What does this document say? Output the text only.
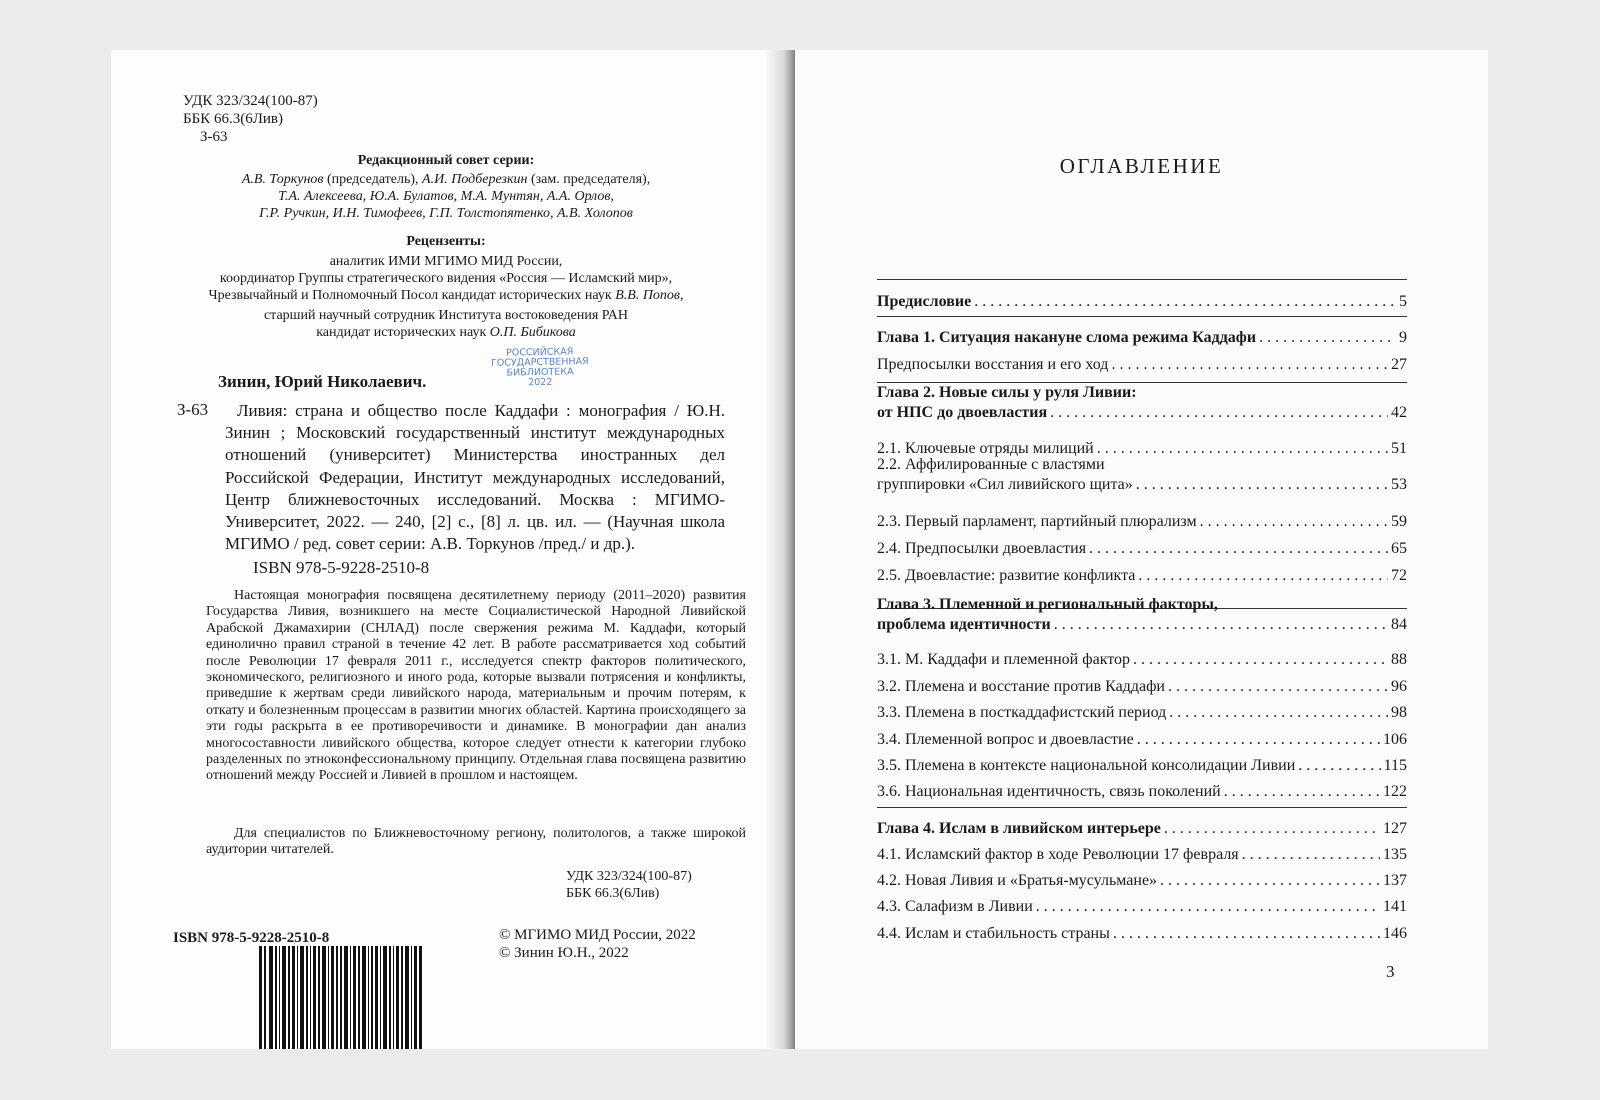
УДК 323/324(100-87)
ББК 66.3(6Лив)
З-63
Редакционный совет серии:
А.В. Торкунов (председатель), А.И. Подберезкин (зам. председателя),
Т.А. Алексеева, Ю.А. Булатов, М.А. Мунтян, А.А. Орлов,
Г.Р. Ручкин, И.Н. Тимофеев, Г.П. Толстопятенко, А.В. Холопов
Рецензенты:
аналитик ИМИ МГИМО МИД России,
координатор Группы стратегического видения «Россия — Исламский мир»,
Чрезвычайный и Полномочный Посол кандидат исторических наук В.В. Попов,
старший научный сотрудник Института востоковедения РАН
кандидат исторических наук О.П. Бибикова
РОССИЙСКАЯ
ГОСУДАРСТВЕННАЯ
БИБЛИОТЕКА
2022
Зинин, Юрий Николаевич.
З-63	Ливия: страна и общество после Каддафи : монография / Ю.Н. Зинин ; Московский государственный институт международных отношений (университет) Министерства иностранных дел Российской Федерации, Институт международных исследований, Центр ближневосточных исследований. Москва : МГИМО-Университет, 2022. — 240, [2] с., [8] л. цв. ил. — (Научная школа МГИМО / ред. совет серии: А.В. Торкунов /пред./ и др.).
ISBN 978-5-9228-2510-8
Настоящая монография посвящена десятилетнему периоду (2011–2020) развития Государства Ливия, возникшего на месте Социалистической Народной Ливийской Арабской Джамахирии (СНЛАД) после свержения режима М. Каддафи, который единолично правил страной в течение 42 лет. В работе рассматривается ход событий после Революции 17 февраля 2011 г., исследуется спектр факторов политического, экономического, религиозного и иного рода, которые вызвали потрясения и конфликты, приведшие к жертвам среди ливийского народа, материальным и прочим потерям, к откату и болезненным процессам в развитии многих областей. Картина происходящего за эти годы раскрыта в ее противоречивости и динамике. В монографии дан анализ многосоставности ливийского общества, которое следует отнести к категории глубоко разделенных по этноконфессиональному принципу. Отдельная глава посвящена развитию отношений между Россией и Ливией в прошлом и настоящем.
Для специалистов по Ближневосточному региону, политологов, а также широкой аудитории читателей.
УДК 323/324(100-87)
ББК 66.3(6Лив)
ISBN 978-5-9228-2510-8	© МГИМО МИД России, 2022
© Зинин Ю.Н., 2022
ОГЛАВЛЕНИЕ
Предисловие . . .	5
Глава 1. Ситуация накануне слома режима Каддафи . . .	9
Предпосылки восстания и его ход . . .	27
Глава 2. Новые силы у руля Ливии:
от НПС до двоевластия . . .	42
2.1. Ключевые отряды милиций . . .	51
2.2. Аффилированные с властями
группировки «Сил ливийского щита» . . .	53
2.3. Первый парламент, партийный плюрализм . . .	59
2.4. Предпосылки двоевластия . . .	65
2.5. Двоевластие: развитие конфликта . . .	72
Глава 3. Племенной и региональный факторы,
проблема идентичности . . .	84
3.1. М. Каддафи и племенной фактор . . .	88
3.2. Племена и восстание против Каддафи . . .	96
3.3. Племена в посткаддафистский период . . .	98
3.4. Племенной вопрос и двоевластие . . .	106
3.5. Племена в контексте национальной консолидации Ливии . . .	115
3.6. Национальная идентичность, связь поколений . . .	122
Глава 4. Ислам в ливийском интерьере . . .	127
4.1. Исламский фактор в ходе Революции 17 февраля . . .	135
4.2. Новая Ливия и «Братья-мусульмане» . . .	137
4.3. Салафизм в Ливии . . .	141
4.4. Ислам и стабильность страны . . .	146
3
